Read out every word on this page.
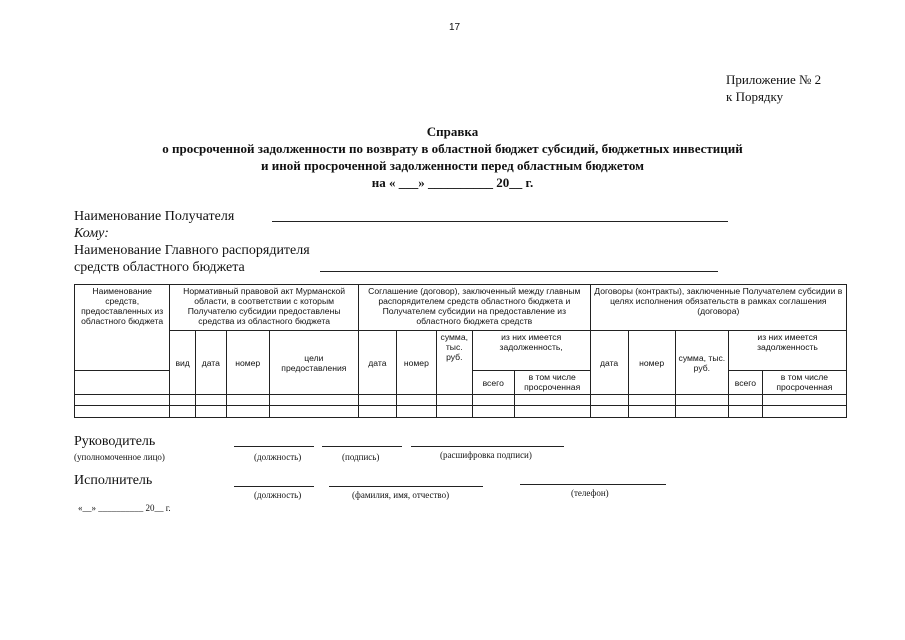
17
Приложение № 2
к Порядку
Справка
о просроченной задолженности по возврату в областной бюджет субсидий, бюджетных инвестиций
и иной просроченной задолженности перед областным бюджетом
на « ___» __________ 20__ г.
Наименование Получателя
Кому:
Наименование Главного распорядителя
средств областного бюджета
Наименование средств, предоставленных из областного бюджета	Нормативный правовой акт Мурманской области, в соответствии с которым Получателю субсидии предоставлены средства из областного бюджета				Соглашение (договор), заключенный между главным распорядителем средств областного бюджета и Получателем субсидии на предоставление из областного бюджета средств					Договоры (контракты), заключенные Получателем субсидии в целях исполнения обязательств в рамках соглашения (договора)				
	вид	дата	номер	цели предоставления	дата	номер	сумма, тыс. руб.	из них имеется задолженность,		дата	номер	сумма, тыс. руб.	из них имеется задолженность	
								всего	в том числе просроченная				всего	в том числе просроченная

Руководитель
(уполномоченное лицо)	(должность)	(подпись)	(расшифровка подписи)
Исполнитель
(должность)	(фамилия, имя, отчество)	(телефон)
«__» __________ 20__ г.
